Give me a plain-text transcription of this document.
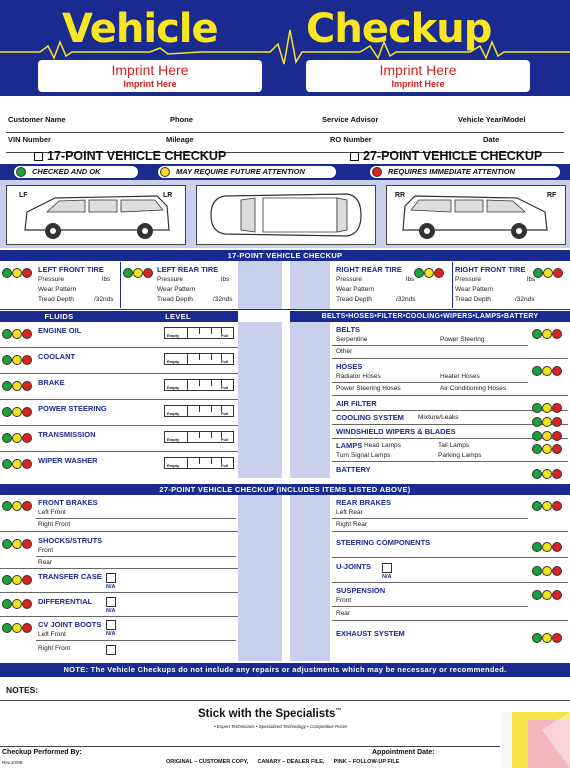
Vehicle Checkup
Imprint Here
Imprint Here
Imprint Here
Imprint Here
Customer Name	Phone	Service Advisor	Vehicle Year/Model
VIN Number	Mileage	RO Number	Date
17-POINT VEHICLE CHECKUP	27-POINT VEHICLE CHECKUP
CHECKED AND OK	MAY REQUIRE FUTURE ATTENTION	REQUIRES IMMEDIATE ATTENTION
LF	LR	RR	RF
17-POINT VEHICLE CHECKUP
LEFT FRONT TIRE
Pressure	lbs
Wear Pattern
Tread Depth	/32nds
LEFT REAR TIRE
Pressure	lbs
Wear Pattern
Tread Depth	/32nds
RIGHT REAR TIRE
Pressure	lbs
Wear Pattern
Tread Depth	/32nds
RIGHT FRONT TIRE
Pressure	lbs
Wear Pattern
Tread Depth	/32nds
FLUIDS	LEVEL	BELTS•HOSES•FILTER•COOLING•WIPERS•LAMPS•BATTERY
ENGINE OIL
Empty	Full
COOLANT
Empty	Full
BRAKE
Empty	Full
POWER STEERING
Empty	Full
TRANSMISSION
Empty	Full
WIPER WASHER
Empty	Full
BELTS
Serpentine	Power Steering
Other
HOSES
Radiator Hoses	Heater Hoses
Power Steering Hoses	Air Conditioning Hoses
AIR FILTER
COOLING SYSTEM Mixture/Leaks
WINDSHIELD WIPERS & BLADES
LAMPS Head Lamps	Tail Lamps
Turn Signal Lamps	Parking Lamps
BATTERY
27-POINT VEHICLE CHECKUP (INCLUDES ITEMS LISTED ABOVE)
FRONT BRAKES
Left Front
Right Front
SHOCKS/STRUTS
Front
Rear
TRANSFER CASE
N/A
DIFFERENTIAL
N/A
CV JOINT BOOTS
Left Front	N/A
Right Front
REAR BRAKES
Left Rear
Right Rear
STEERING COMPONENTS
U-JOINTS
N/A
SUSPENSION
Front
Rear
EXHAUST SYSTEM
NOTE: The Vehicle Checkups do not include any repairs or adjustments which may be necessary or recommended.
NOTES:
Stick with the Specialists™
• Expert Technicians • Specialized Technology • Competitive Prices
Checkup Performed By:	Appointment Date:
Rev.10/08	ORIGINAL – CUSTOMER COPY,      CANARY – DEALER FILE,      PINK – FOLLOW-UP FILE
